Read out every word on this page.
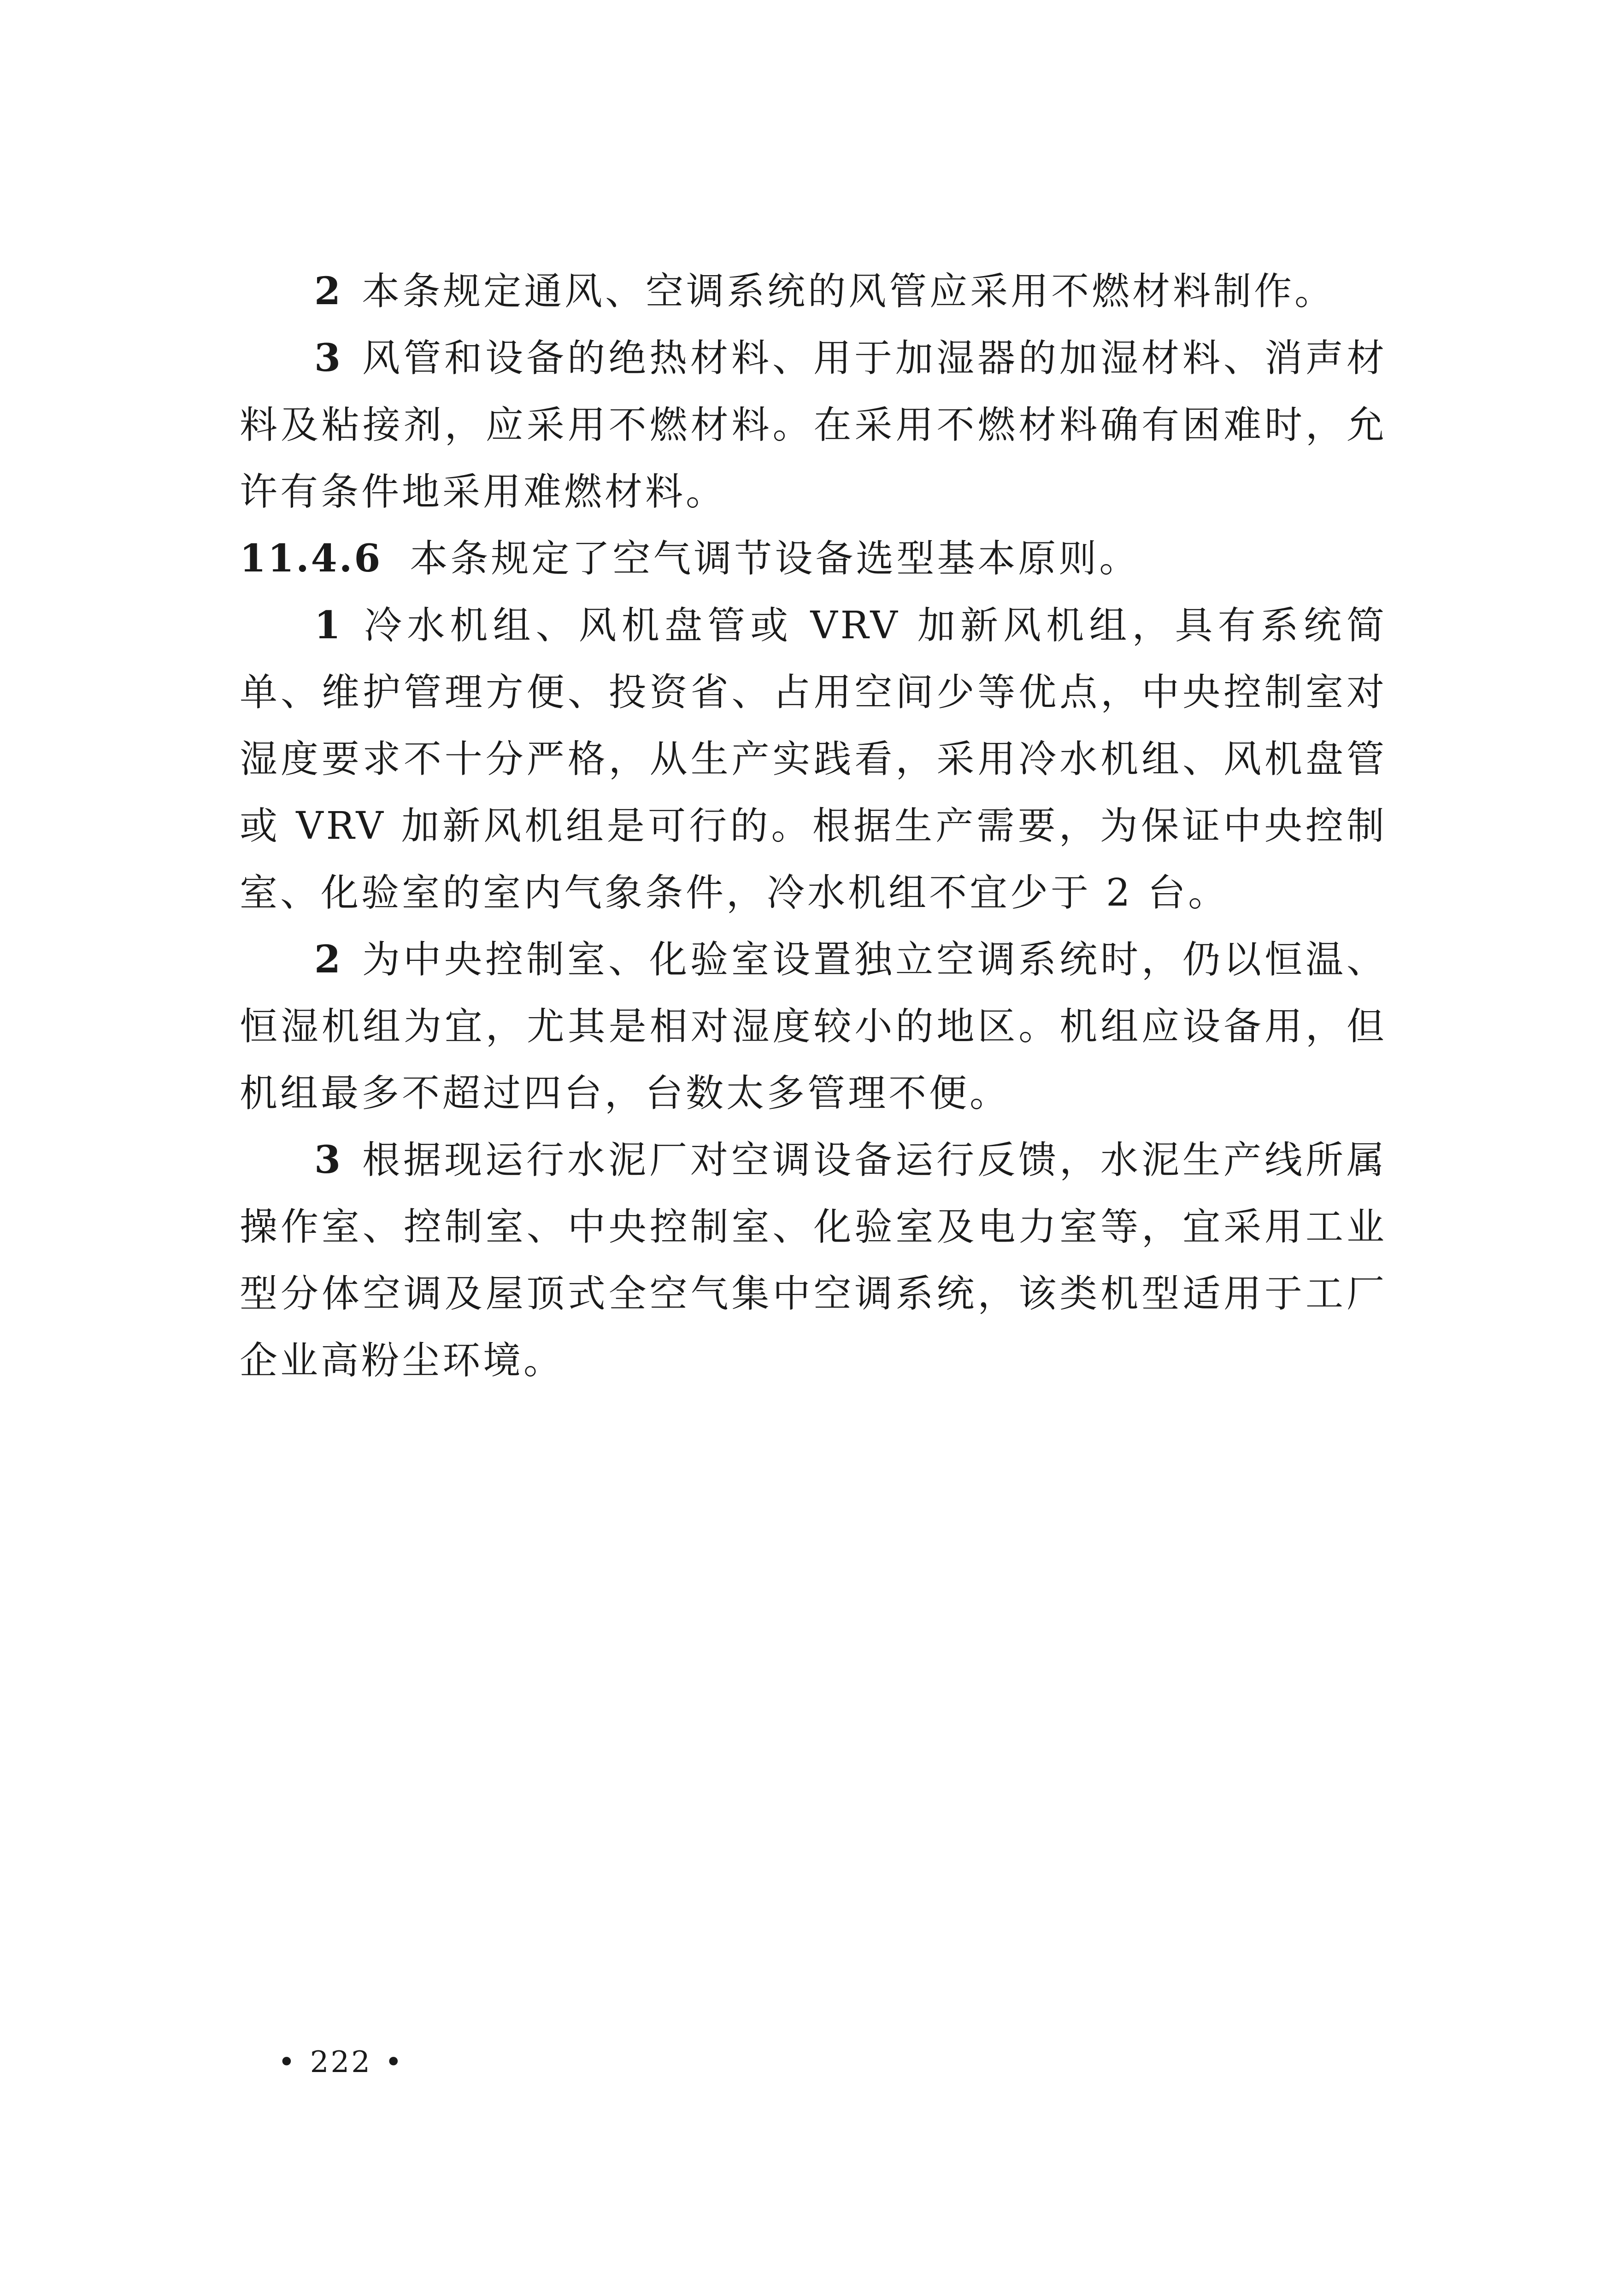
2 本条规定通风、空调系统的风管应采用不燃材料制作。

3 风管和设备的绝热材料、用于加湿器的加湿材料、消声材料及粘接剂，应采用不燃材料。在采用不燃材料确有困难时，允许有条件地采用难燃材料。

11.4.6 本条规定了空气调节设备选型基本原则。

1 冷水机组、风机盘管或 VRV 加新风机组，具有系统简单、维护管理方便、投资省、占用空间少等优点，中央控制室对湿度要求不十分严格，从生产实践看，采用冷水机组、风机盘管或 VRV 加新风机组是可行的。根据生产需要，为保证中央控制室、化验室的室内气象条件，冷水机组不宜少于 2 台。

2 为中央控制室、化验室设置独立空调系统时，仍以恒温、恒湿机组为宜，尤其是相对湿度较小的地区。机组应设备用，但机组最多不超过四台，台数太多管理不便。

3 根据现运行水泥厂对空调设备运行反馈，水泥生产线所属操作室、控制室、中央控制室、化验室及电力室等，宜采用工业型分体空调及屋顶式全空气集中空调系统，该类机型适用于工厂企业高粉尘环境。

• 222 •
